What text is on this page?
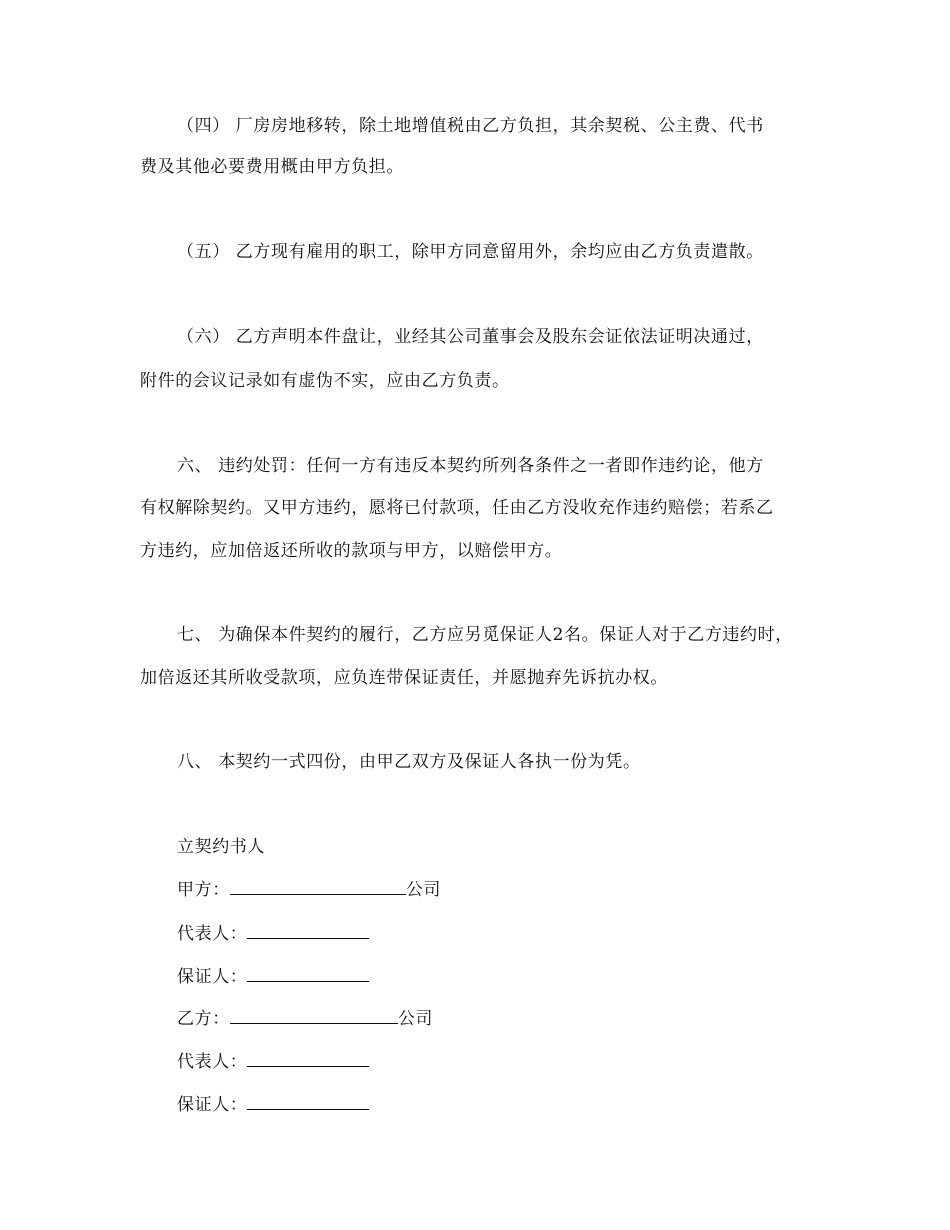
（四） 厂房房地移转，除土地增值税由乙方负担，其余契税、公主费、代书
费及其他必要费用概由甲方负担。
（五） 乙方现有雇用的职工，除甲方同意留用外，余均应由乙方负责遣散。
（六） 乙方声明本件盘让，业经其公司董事会及股东会证依法证明决通过，
附件的会议记录如有虚伪不实，应由乙方负责。
六、 违约处罚：任何一方有违反本契约所列各条件之一者即作违约论，他方
有权解除契约。又甲方违约，愿将已付款项，任由乙方没收充作违约赔偿；若系乙
方违约，应加倍返还所收的款项与甲方，以赔偿甲方。
七、 为确保本件契约的履行，乙方应另觅保证人2名。保证人对于乙方违约时，
加倍返还其所收受款项，应负连带保证责任，并愿抛弃先诉抗办权。
八、 本契约一式四份，由甲乙双方及保证人各执一份为凭。
立契约书人
甲方：	公司
代表人：
保证人：
乙方：	公司
代表人：
保证人：
